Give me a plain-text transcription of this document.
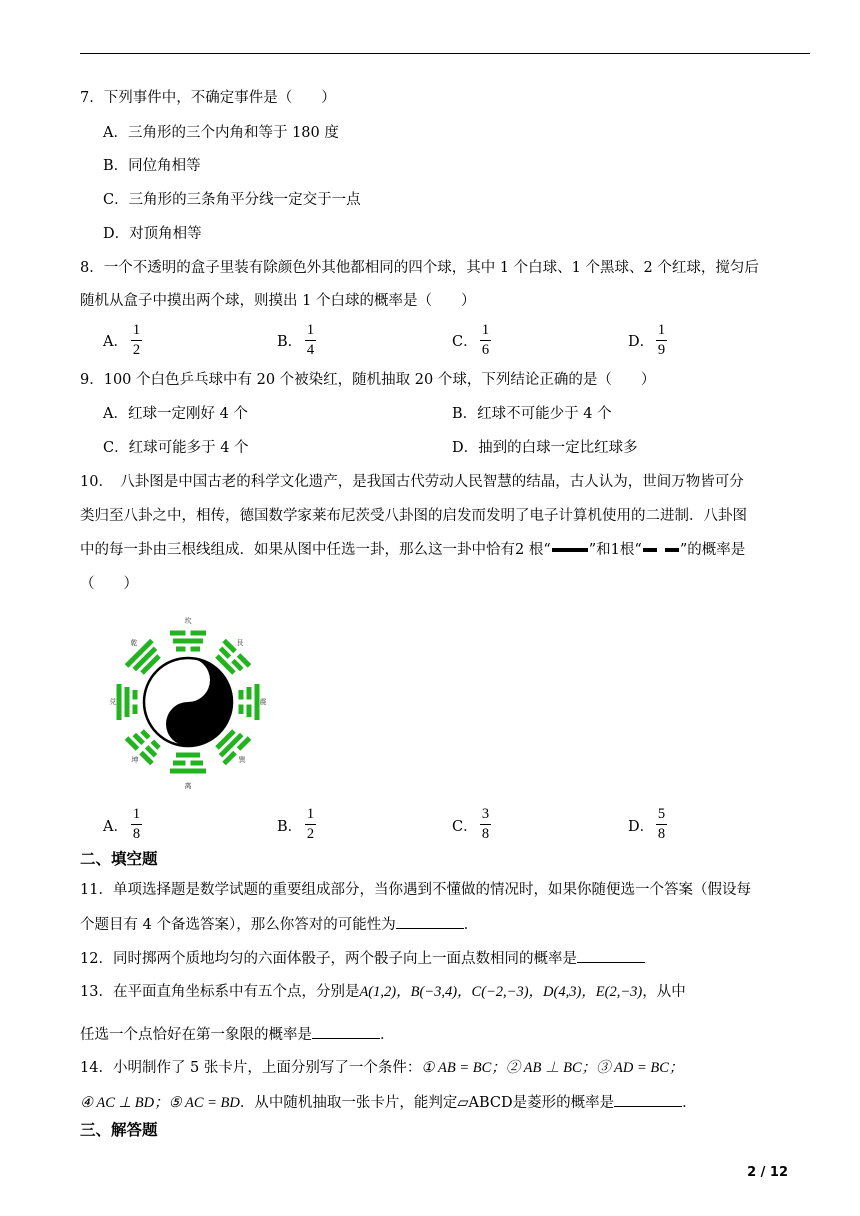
7．下列事件中，不确定事件是（　　）
A．三角形的三个内角和等于 180 度
B．同位角相等
C．三角形的三条角平分线一定交于一点
D．对顶角相等
8．一个不透明的盒子里装有除颜色外其他都相同的四个球，其中 1 个白球、1 个黑球、2 个红球，搅匀后
随机从盒子中摸出两个球，则摸出 1 个白球的概率是（　　）
A．
1
2	B．
1
4	C．
1
6	D．
1
9
9．100 个白色乒乓球中有 20 个被染红，随机抽取 20 个球，下列结论正确的是（　　）
A．红球一定刚好 4 个	B．红球不可能少于 4 个
C．红球可能多于 4 个	D．抽到的白球一定比红球多
10．　八卦图是中国古老的科学文化遗产，是我国古代劳动人民智慧的结晶，古人认为，世间万物皆可分
类归至八卦之中，相传，德国数学家莱布尼茨受八卦图的启发而发明了电子计算机使用的二进制．八卦图
中的每一卦由三根线组成．如果从图中任选一卦，那么这一卦中恰有2 根“	”和1根“	”的概率是
（　　）
坎
艮
震
巽
离
坤
兑
乾
A．
1
8	B．
1
2	C．
3
8	D．
5
8
二、填空题
11．单项选择题是数学试题的重要组成部分，当你遇到不懂做的情况时，如果你随便选一个答案（假设每
个题目有 4 个备选答案），那么你答对的可能性为	．
12．同时掷两个质地均匀的六面体骰子，两个骰子向上一面点数相同的概率是
13．在平面直角坐标系中有五个点，分别是A(1,2)，B(−3,4)，C(−2,−3)，D(4,3)，E(2,−3)，从中
任选一个点恰好在第一象限的概率是	．
14．小明制作了 5 张卡片，上面分别写了一个条件：① AB = BC；② AB ⊥ BC；③ AD = BC；
④ AC ⊥ BD；⑤ AC = BD．从中随机抽取一张卡片，能判定▱ABCD是菱形的概率是	．
三、解答题
2 / 12
